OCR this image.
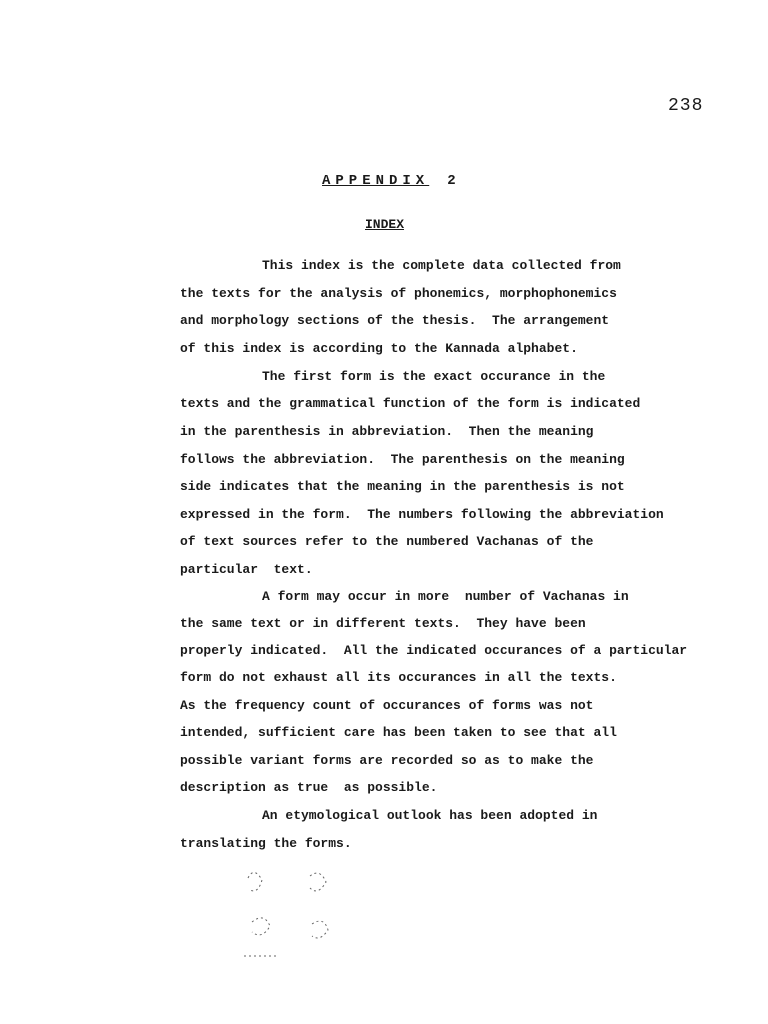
238
APPENDIX 2
INDEX
This index is the complete data collected from
the texts for the analysis of phonemics, morphophonemics
and morphology sections of the thesis.  The arrangement
of this index is according to the Kannada alphabet.
The first form is the exact occurance in the
texts and the grammatical function of the form is indicated
in the parenthesis in abbreviation.  Then the meaning
follows the abbreviation.  The parenthesis on the meaning
side indicates that the meaning in the parenthesis is not
expressed in the form.  The numbers following the abbreviation
of text sources refer to the numbered Vachanas of the
particular  text.
A form may occur in more  number of Vachanas in
the same text or in different texts.  They have been
properly indicated.  All the indicated occurances of a particular
form do not exhaust all its occurances in all the texts.
As the frequency count of occurances of forms was not
intended, sufficient care has been taken to see that all
possible variant forms are recorded so as to make the
description as true  as possible.
An etymological outlook has been adopted in
translating the forms.
